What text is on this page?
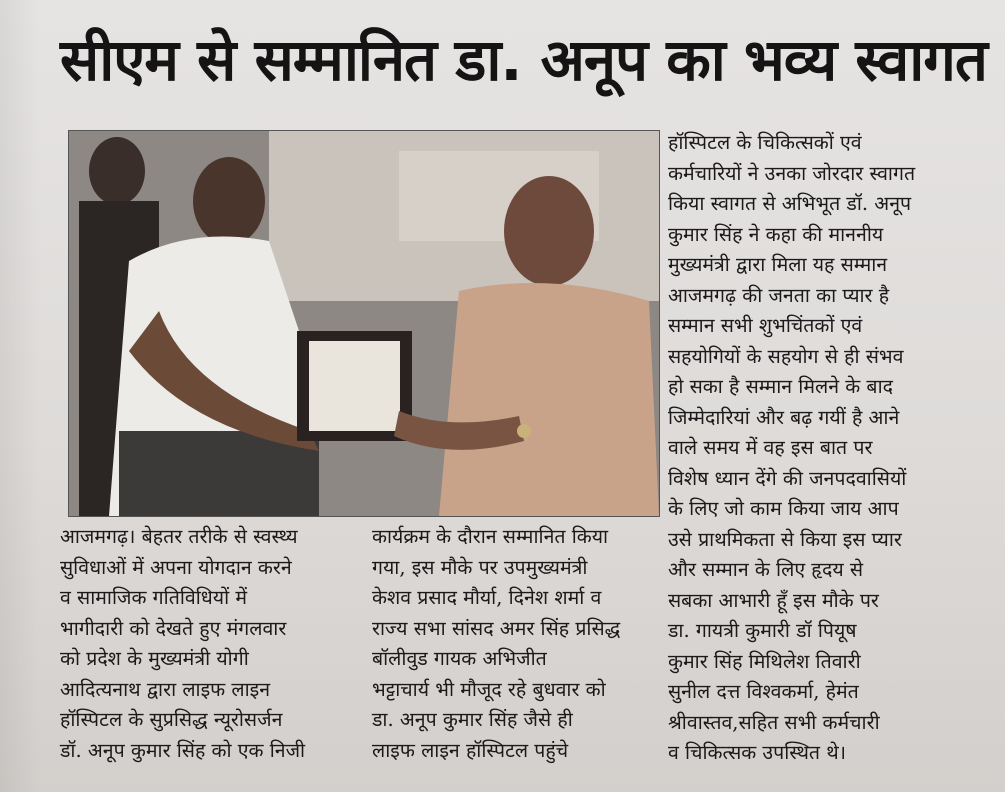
सीएम से सम्मानित डा. अनूप का भव्य स्वागत

आजमगढ़। बेहतर तरीके से स्वस्थ्य

सुविधाओं में अपना योगदान करने

व सामाजिक गतिविधियों में

भागीदारी को देखते हुए मंगलवार

को प्रदेश के मुख्यमंत्री योगी

आदित्यनाथ द्वारा लाइफ लाइन

हॉस्पिटल के सुप्रसिद्ध न्यूरोसर्जन

डॉ. अनूप कुमार सिंह को एक निजी

कार्यक्रम के दौरान सम्मानित किया

गया, इस मौके पर उपमुख्यमंत्री

केशव प्रसाद मौर्या, दिनेश शर्मा व

राज्य सभा सांसद अमर सिंह प्रसिद्ध

बॉलीवुड गायक अभिजीत

भट्टाचार्य भी मौजूद रहे बुधवार को

डा. अनूप कुमार सिंह जैसे ही

लाइफ लाइन हॉस्पिटल पहुंचे

हॉस्पिटल के चिकित्सकों एवं

कर्मचारियों ने उनका जोरदार स्वागत

किया स्वागत से अभिभूत डॉ. अनूप

कुमार सिंह ने कहा की माननीय

मुख्यमंत्री द्वारा मिला यह सम्मान

आजमगढ़ की जनता का प्यार है

सम्मान सभी शुभचिंतकों एवं

सहयोगियों के सहयोग से ही संभव

हो सका है सम्मान मिलने के बाद

जिम्मेदारियां और बढ़ गयीं है आने

वाले समय में वह इस बात पर

विशेष ध्यान देंगे की जनपदवासियों

के लिए जो काम किया जाय आप

उसे प्राथमिकता से किया इस प्यार

और सम्मान के लिए हृदय से

सबका आभारी हूँ इस मौके पर

डा. गायत्री कुमारी डॉ पियूष

कुमार सिंह मिथिलेश तिवारी

सुनील दत्त विश्वकर्मा, हेमंत

श्रीवास्तव,सहित सभी कर्मचारी

व चिकित्सक उपस्थित थे।
